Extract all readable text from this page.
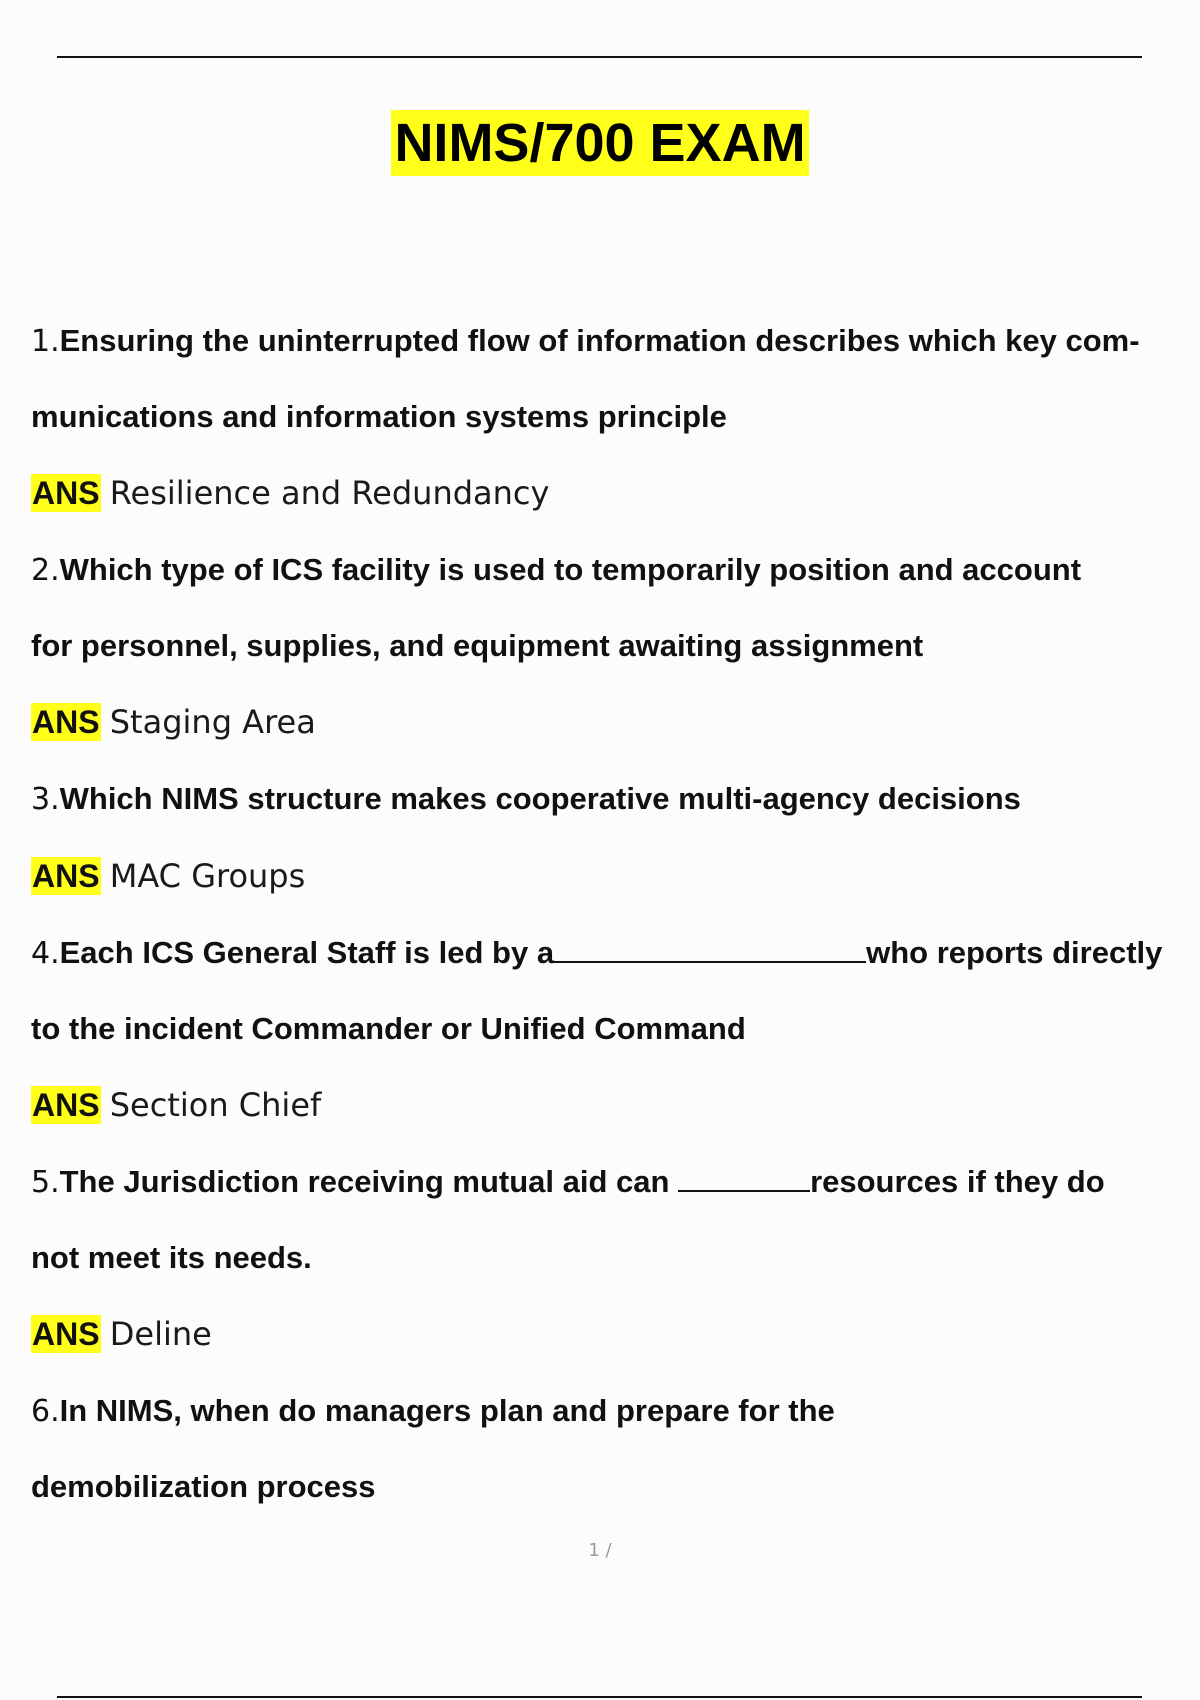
NIMS/700 EXAM

1.Ensuring the uninterrupted flow of information describes which key com-

munications and information systems principle

ANS Resilience and Redundancy

2.Which type of ICS facility is used to temporarily position and account

for personnel, supplies, and equipment awaiting assignment

ANS Staging Area

3.Which NIMS structure makes cooperative multi-agency decisions

ANS MAC Groups

4.Each ICS General Staff is led by a	who reports directly

to the incident Commander or Unified Command

ANS Section Chief

5.The Jurisdiction receiving mutual aid can	resources if they do

not meet its needs.

ANS Deline

6.In NIMS, when do managers plan and prepare for the

demobilization process

1 /
